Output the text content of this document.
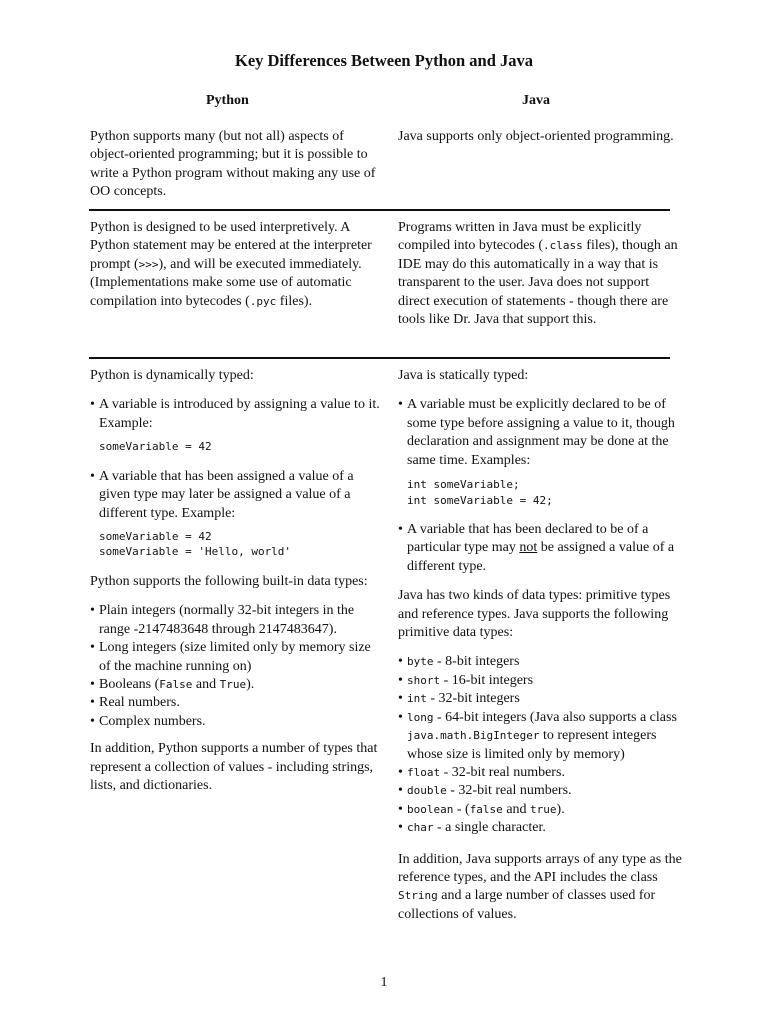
Key Differences Between Python and Java
Python	Java
Python supports many (but not all) aspects of object-oriented programming; but it is possible to write a Python program without making any use of OO concepts.
Java supports only object-oriented programming.
Python is designed to be used interpretively. A Python statement may be entered at the interpreter prompt (>>>), and will be executed immediately. (Implementations make some use of automatic compilation into bytecodes (.pyc files).
Programs written in Java must be explicitly compiled into bytecodes (.class files), though an IDE may do this automatically in a way that is transparent to the user. Java does not support direct execution of statements - though there are tools like Dr. Java that support this.

Python is dynamically typed:

• A variable is introduced by assigning a value to it. Example:

someVariable = 42

• A variable that has been assigned a value of a given type may later be assigned a value of a different type. Example:

someVariable = 42
someVariable = 'Hello, world'

Python supports the following built-in data types:

• Plain integers (normally 32-bit integers in the range -2147483648 through 2147483647).

• Long integers (size limited only by memory size of the machine running on)

• Booleans (False and True).

• Real numbers.

• Complex numbers.

In addition, Python supports a number of types that represent a collection of values - including strings, lists, and dictionaries.

Java is statically typed:

• A variable must be explicitly declared to be of some type before assigning a value to it, though declaration and assignment may be done at the same time. Examples:

int someVariable;
int someVariable = 42;

• A variable that has been declared to be of a particular type may not be assigned a value of a different type.

Java has two kinds of data types: primitive types and reference types. Java supports the following primitive data types:

• byte - 8-bit integers

• short - 16-bit integers

• int - 32-bit integers

• long - 64-bit integers (Java also supports a class java.math.BigInteger to represent integers whose size is limited only by memory)

• float - 32-bit real numbers.

• double - 32-bit real numbers.

• boolean - (false and true).

• char - a single character.

In addition, Java supports arrays of any type as the reference types, and the API includes the class String and a large number of classes used for collections of values.

1
